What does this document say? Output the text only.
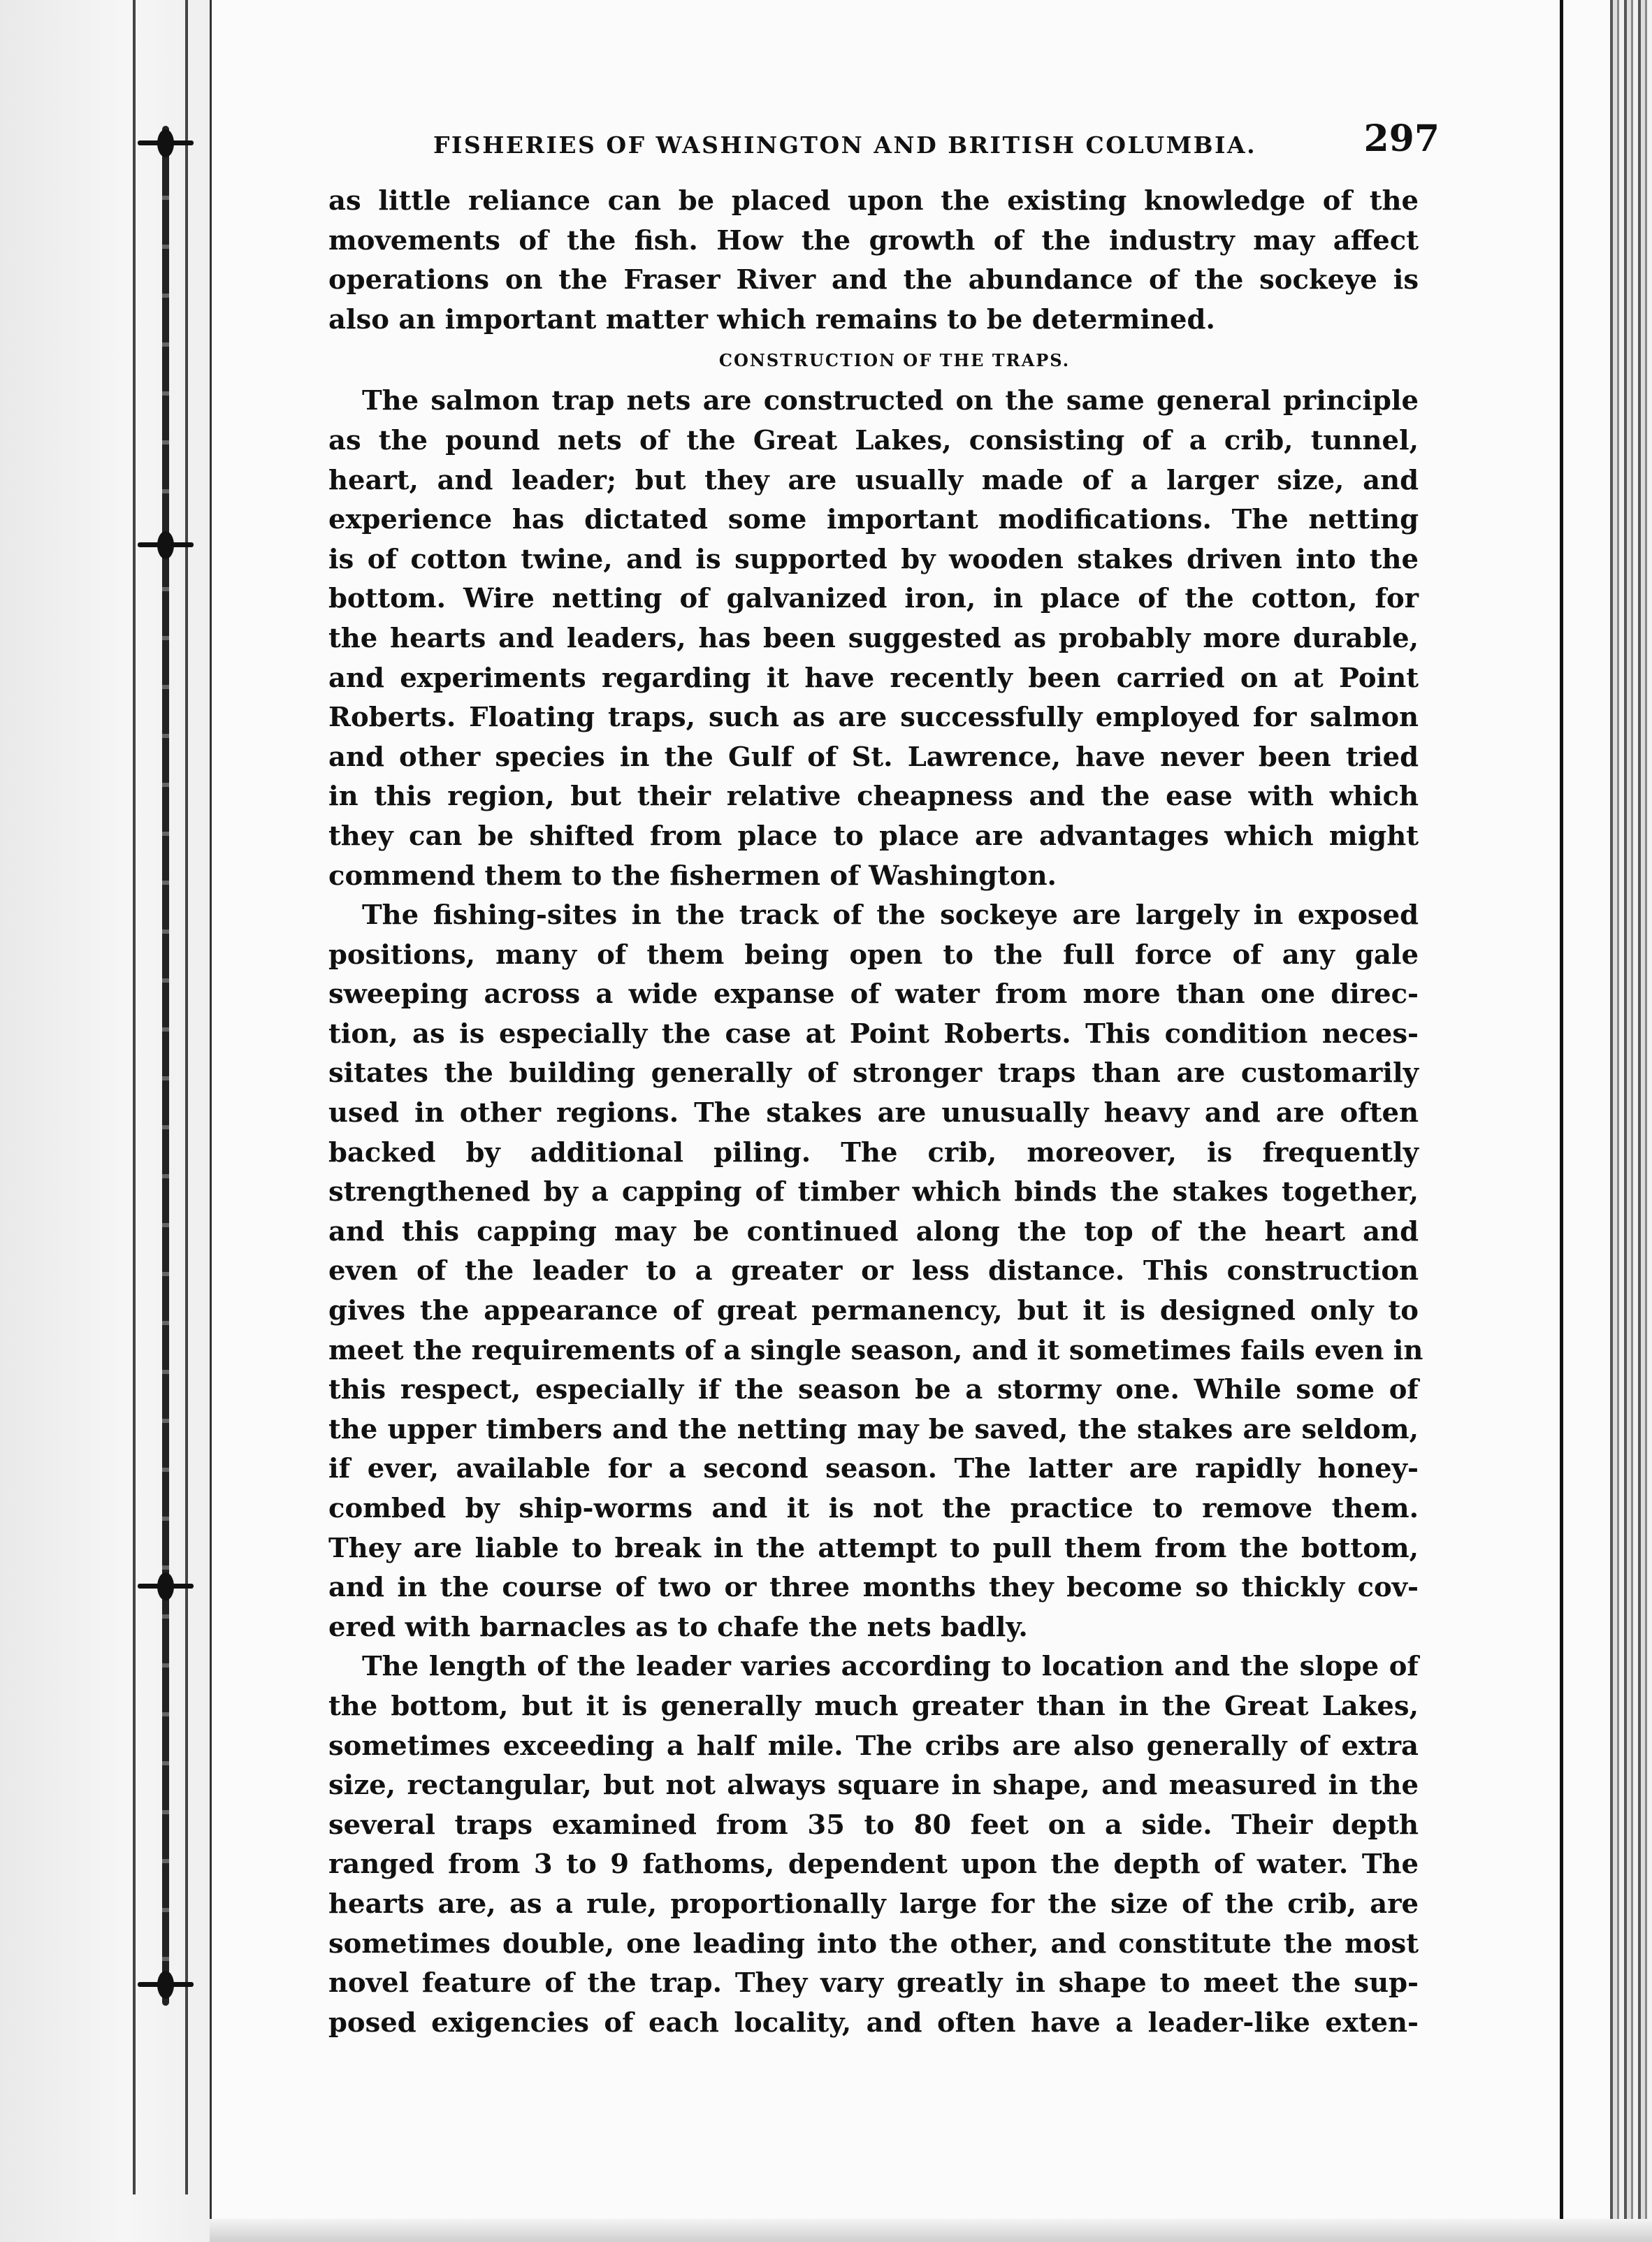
FISHERIES OF WASHINGTON AND BRITISH COLUMBIA.	297
as little reliance can be placed upon the existing knowledge of the
movements of the fish. How the growth of the industry may affect
operations on the Fraser River and the abundance of the sockeye is
also an important matter which remains to be determined.
CONSTRUCTION OF THE TRAPS.
The salmon trap nets are constructed on the same general principle
as the pound nets of the Great Lakes, consisting of a crib, tunnel,
heart, and leader; but they are usually made of a larger size, and
experience has dictated some important modifications. The netting
is of cotton twine, and is supported by wooden stakes driven into the
bottom. Wire netting of galvanized iron, in place of the cotton, for
the hearts and leaders, has been suggested as probably more durable,
and experiments regarding it have recently been carried on at Point
Roberts. Floating traps, such as are successfully employed for salmon
and other species in the Gulf of St. Lawrence, have never been tried
in this region, but their relative cheapness and the ease with which
they can be shifted from place to place are advantages which might
commend them to the fishermen of Washington.
The fishing-sites in the track of the sockeye are largely in exposed
positions, many of them being open to the full force of any gale
sweeping across a wide expanse of water from more than one direc-
tion, as is especially the case at Point Roberts. This condition neces-
sitates the building generally of stronger traps than are customarily
used in other regions. The stakes are unusually heavy and are often
backed by additional piling. The crib, moreover, is frequently
strengthened by a capping of timber which binds the stakes together,
and this capping may be continued along the top of the heart and
even of the leader to a greater or less distance. This construction
gives the appearance of great permanency, but it is designed only to
meet the requirements of a single season, and it sometimes fails even in
this respect, especially if the season be a stormy one. While some of
the upper timbers and the netting may be saved, the stakes are seldom,
if ever, available for a second season. The latter are rapidly honey-
combed by ship-worms and it is not the practice to remove them.
They are liable to break in the attempt to pull them from the bottom,
and in the course of two or three months they become so thickly cov-
ered with barnacles as to chafe the nets badly.
The length of the leader varies according to location and the slope of
the bottom, but it is generally much greater than in the Great Lakes,
sometimes exceeding a half mile. The cribs are also generally of extra
size, rectangular, but not always square in shape, and measured in the
several traps examined from 35 to 80 feet on a side. Their depth
ranged from 3 to 9 fathoms, dependent upon the depth of water. The
hearts are, as a rule, proportionally large for the size of the crib, are
sometimes double, one leading into the other, and constitute the most
novel feature of the trap. They vary greatly in shape to meet the sup-
posed exigencies of each locality, and often have a leader-like exten-
